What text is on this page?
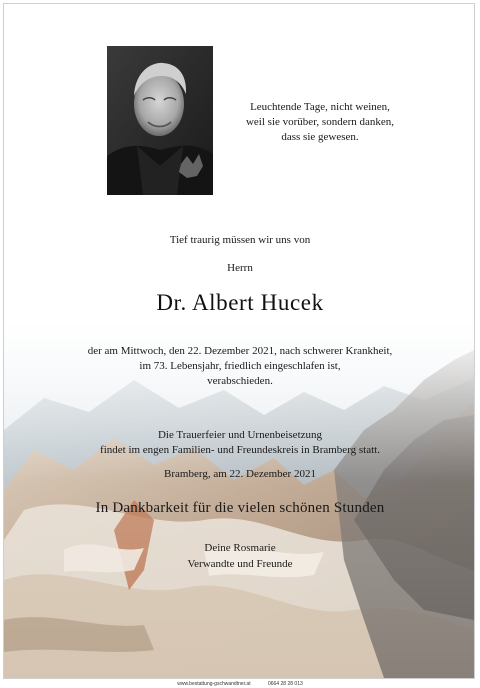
Leuchtende Tage, nicht weinen,
weil sie vorüber, sondern danken,
dass sie gewesen.
Tief traurig müssen wir uns von
Herrn
Dr. Albert Hucek
der am Mittwoch, den 22. Dezember 2021, nach schwerer Krankheit,
im 73. Lebensjahr, friedlich eingeschlafen ist,
verabschieden.
Die Trauerfeier und Urnenbeisetzung
findet im engen Familien- und Freundeskreis in Bramberg statt.
Bramberg, am 22. Dezember 2021
In Dankbarkeit für die vielen schönen Stunden
Deine Rosmarie
Verwandte und Freunde
www.bestattung-gschwandtner.at	0664 28 28 013
